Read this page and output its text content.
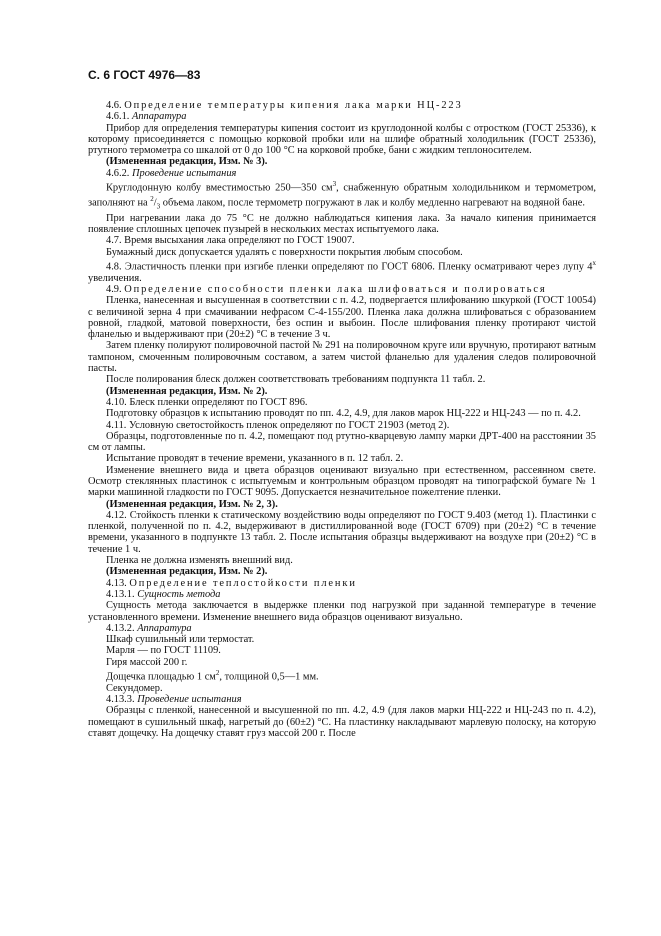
С. 6 ГОСТ 4976—83

4.6. Определение температуры кипения лака марки НЦ-223

4.6.1. Аппаратура

Прибор для определения температуры кипения состоит из круглодонной колбы с отростком (ГОСТ 25336), к которому присоединяется с помощью корковой пробки или на шлифе обратный холодильник (ГОСТ 25336), ртутного термометра со шкалой от 0 до 100 °С на корковой пробке, бани с жидким теплоносителем.

(Измененная редакция, Изм. № 3).

4.6.2. Проведение испытания

Круглодонную колбу вместимостью 250—350 $см^3$, снабженную обратным холодильником и термометром, заполняют на $^2/_3$ объема лаком, после термометр погружают в лак и колбу медленно нагревают на водяной бане.

При нагревании лака до 75 °С не должно наблюдаться кипения лака. За начало кипения принимается появление сплошных цепочек пузырей в нескольких местах испытуемого лака.

4.7. Время высыхания лака определяют по ГОСТ 19007.

Бумажный диск допускается удалять с поверхности покрытия любым способом.

4.8. Эластичность пленки при изгибе пленки определяют по ГОСТ 6806. Пленку осматривают через лупу 4$^x$ увеличения.

4.9. Определение способности пленки лака шлифоваться и полироваться

Пленка, нанесенная и высушенная в соответствии с п. 4.2, подвергается шлифованию шкуркой (ГОСТ 10054) с величиной зерна 4 при смачивании нефрасом С-4-155/200. Пленка лака должна шлифоваться с образованием ровной, гладкой, матовой поверхности, без оспин и выбоин. После шлифования пленку протирают чистой фланелью и выдерживают при (20±2) °С в течение 3 ч.

Затем пленку полируют полировочной пастой № 291 на полировочном круге или вручную, протирают ватным тампоном, смоченным полировочным составом, а затем чистой фланелью для удаления следов полировочной пасты.

После полирования блеск должен соответствовать требованиям подпункта 11 табл. 2.

(Измененная редакция, Изм. № 2).

4.10. Блеск пленки определяют по ГОСТ 896.

Подготовку образцов к испытанию проводят по пп. 4.2, 4.9, для лаков марок НЦ-222 и НЦ-243 — по п. 4.2.

4.11. Условную светостойкость пленок определяют по ГОСТ 21903 (метод 2).

Образцы, подготовленные по п. 4.2, помещают под ртутно-кварцевую лампу марки ДРТ-400 на расстоянии 35 см от лампы.

Испытание проводят в течение времени, указанного в п. 12 табл. 2.

Изменение внешнего вида и цвета образцов оценивают визуально при естественном, рассеянном свете. Осмотр стеклянных пластинок с испытуемым и контрольным образцом проводят на типографской бумаге № 1 марки машинной гладкости по ГОСТ 9095. Допускается незначительное пожелтение пленки.

(Измененная редакция, Изм. № 2, 3).

4.12. Стойкость пленки к статическому воздействию воды определяют по ГОСТ 9.403 (метод 1). Пластинки с пленкой, полученной по п. 4.2, выдерживают в дистиллированной воде (ГОСТ 6709) при (20±2) °С в течение времени, указанного в подпункте 13 табл. 2. После испытания образцы выдерживают на воздухе при (20±2) °С в течение 1 ч.

Пленка не должна изменять внешний вид.

(Измененная редакция, Изм. № 2).

4.13. Определение теплостойкости пленки

4.13.1. Сущность метода

Сущность метода заключается в выдержке пленки под нагрузкой при заданной температуре в течение установленного времени. Изменение внешнего вида образцов оценивают визуально.

4.13.2. Аппаратура

Шкаф сушильный или термостат.

Марля — по ГОСТ 11109.

Гиря массой 200 г.

Дощечка площадью 1 $см^2$, толщиной 0,5—1 мм.

Секундомер.

4.13.3. Проведение испытания

Образцы с пленкой, нанесенной и высушенной по пп. 4.2, 4.9 (для лаков марки НЦ-222 и НЦ-243 по п. 4.2), помещают в сушильный шкаф, нагретый до (60±2) °С. На пластинку накладывают марлевую полоску, на которую ставят дощечку. На дощечку ставят груз массой 200 г. После
